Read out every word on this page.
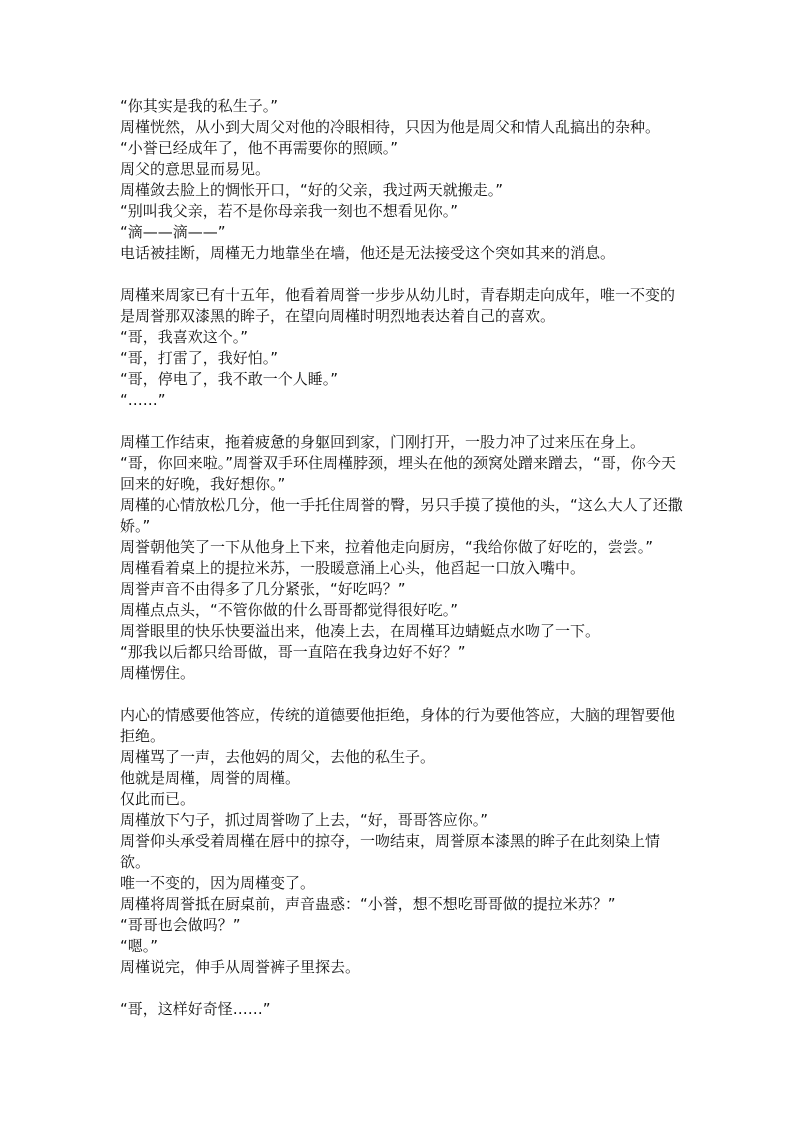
“你其实是我的私生子。”

周槿恍然，从小到大周父对他的冷眼相待，只因为他是周父和情人乱搞出的杂种。

“小誉已经成年了，他不再需要你的照顾。”

周父的意思显而易见。

周槿敛去脸上的惆怅开口，“好的父亲，我过两天就搬走。”

“别叫我父亲，若不是你母亲我一刻也不想看见你。”

“滴——滴——”

电话被挂断，周槿无力地靠坐在墙，他还是无法接受这个突如其来的消息。

周槿来周家已有十五年，他看着周誉一步步从幼儿时，青春期走向成年，唯一不变的是周誉那双漆黑的眸子，在望向周槿时明烈地表达着自己的喜欢。

“哥，我喜欢这个。”

“哥，打雷了，我好怕。”

“哥，停电了，我不敢一个人睡。”

“……”

周槿工作结束，拖着疲惫的身躯回到家，门刚打开，一股力冲了过来压在身上。

“哥，你回来啦。”周誉双手环住周槿脖颈，埋头在他的颈窝处蹭来蹭去，“哥，你今天回来的好晚，我好想你。”

周槿的心情放松几分，他一手托住周誉的臀，另只手摸了摸他的头，“这么大人了还撒娇。”

周誉朝他笑了一下从他身上下来，拉着他走向厨房，“我给你做了好吃的，尝尝。”

周槿看着桌上的提拉米苏，一股暖意涌上心头，他舀起一口放入嘴中。

周誉声音不由得多了几分紧张，“好吃吗？”

周槿点点头，“不管你做的什么哥哥都觉得很好吃。”

周誉眼里的快乐快要溢出来，他凑上去，在周槿耳边蜻蜓点水吻了一下。

“那我以后都只给哥做，哥一直陪在我身边好不好？”

周槿愣住。

内心的情感要他答应，传统的道德要他拒绝，身体的行为要他答应，大脑的理智要他拒绝。

周槿骂了一声，去他妈的周父，去他的私生子。

他就是周槿，周誉的周槿。

仅此而已。

周槿放下勺子，抓过周誉吻了上去，“好，哥哥答应你。”

周誉仰头承受着周槿在唇中的掠夺，一吻结束，周誉原本漆黑的眸子在此刻染上情欲。

唯一不变的，因为周槿变了。

周槿将周誉抵在厨桌前，声音蛊惑：“小誉，想不想吃哥哥做的提拉米苏？”

“哥哥也会做吗？”

“嗯。”

周槿说完，伸手从周誉裤子里探去。

“哥，这样好奇怪……”
